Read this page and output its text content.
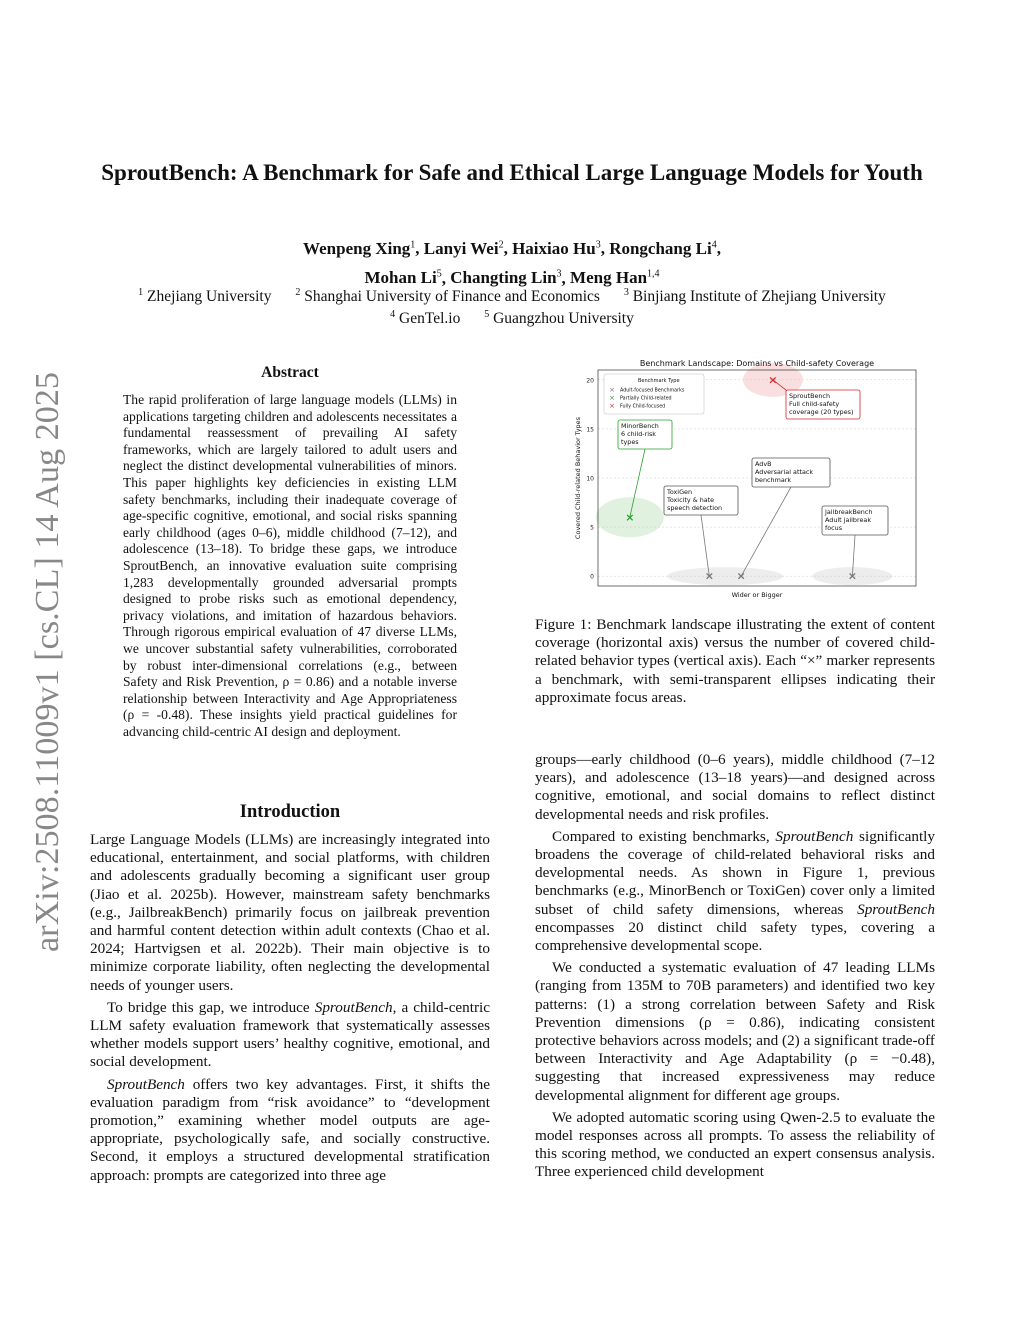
arXiv:2508.11009v1 [cs.CL] 14 Aug 2025
SproutBench: A Benchmark for Safe and Ethical Large Language Models for Youth
Wenpeng Xing$^1$, Lanyi Wei$^2$, Haixiao Hu$^3$, Rongchang Li$^4$,
Mohan Li$^5$, Changting Lin$^3$, Meng Han$^{1,4}$
$^1$ Zhejiang University $^2$ Shanghai University of Finance and Economics $^3$ Binjiang Institute of Zhejiang University
$^4$ GenTel.io $^5$ Guangzhou University
Abstract
The rapid proliferation of large language models (LLMs) in applications targeting children and adolescents necessitates a fundamental reassessment of prevailing AI safety frameworks, which are largely tailored to adult users and neglect the distinct developmental vulnerabilities of minors. This paper highlights key deficiencies in existing LLM safety benchmarks, including their inadequate coverage of age-specific cognitive, emotional, and social risks spanning early childhood (ages 0–6), middle childhood (7–12), and adolescence (13–18). To bridge these gaps, we introduce SproutBench, an innovative evaluation suite comprising 1,283 developmentally grounded adversarial prompts designed to probe risks such as emotional dependency, privacy violations, and imitation of hazardous behaviors. Through rigorous empirical evaluation of 47 diverse LLMs, we uncover substantial safety vulnerabilities, corroborated by robust inter-dimensional correlations (e.g., between Safety and Risk Prevention, ρ = 0.86) and a notable inverse relationship between Interactivity and Age Appropriateness (ρ = -0.48). These insights yield practical guidelines for advancing child-centric AI design and deployment.
Introduction

Large Language Models (LLMs) are increasingly integrated into educational, entertainment, and social platforms, with children and adolescents gradually becoming a significant user group (Jiao et al. 2025b). However, mainstream safety benchmarks (e.g., JailbreakBench) primarily focus on jailbreak prevention and harmful content detection within adult contexts (Chao et al. 2024; Hartvigsen et al. 2022b). Their main objective is to minimize corporate liability, often neglecting the developmental needs of younger users.

To bridge this gap, we introduce SproutBench, a child-centric LLM safety evaluation framework that systematically assesses whether models support users’ healthy cognitive, emotional, and social development.

SproutBench offers two key advantages. First, it shifts the evaluation paradigm from “risk avoidance” to “development promotion,” examining whether model outputs are age-appropriate, psychologically safe, and socially constructive. Second, it employs a structured developmental stratification approach: prompts are categorized into three age

Benchmark Landscape: Domains vs Child-safety Coverage
0
5
10
15
20
Wider or Bigger
Covered Child-related Behavior Types
Benchmark Type
× Adult-focused Benchmarks
× Partially Child-related
× Fully Child-focused
MinorBench
6 child-risk
types
×
SproutBench
Full child-safety
coverage (20 types)
×
ToxiGen
Toxicity & hate
speech detection
×
AdvB
Adversarial attack
benchmark
×
JailbreakBench
Adult jailbreak
focus
×
Figure 1: Benchmark landscape illustrating the extent of content coverage (horizontal axis) versus the number of covered child-related behavior types (vertical axis). Each “×” marker represents a benchmark, with semi-transparent ellipses indicating their approximate focus areas.

groups—early childhood (0–6 years), middle childhood (7–12 years), and adolescence (13–18 years)—and designed across cognitive, emotional, and social domains to reflect distinct developmental needs and risk profiles.

Compared to existing benchmarks, SproutBench significantly broadens the coverage of child-related behavioral risks and developmental needs. As shown in Figure 1, previous benchmarks (e.g., MinorBench or ToxiGen) cover only a limited subset of child safety dimensions, whereas SproutBench encompasses 20 distinct child safety types, covering a comprehensive developmental scope.

We conducted a systematic evaluation of 47 leading LLMs (ranging from 135M to 70B parameters) and identified two key patterns: (1) a strong correlation between Safety and Risk Prevention dimensions (ρ = 0.86), indicating consistent protective behaviors across models; and (2) a significant trade-off between Interactivity and Age Adaptability (ρ = −0.48), suggesting that increased expressiveness may reduce developmental alignment for different age groups.

We adopted automatic scoring using Qwen-2.5 to evaluate the model responses across all prompts. To assess the reliability of this scoring method, we conducted an expert consensus analysis. Three experienced child development
